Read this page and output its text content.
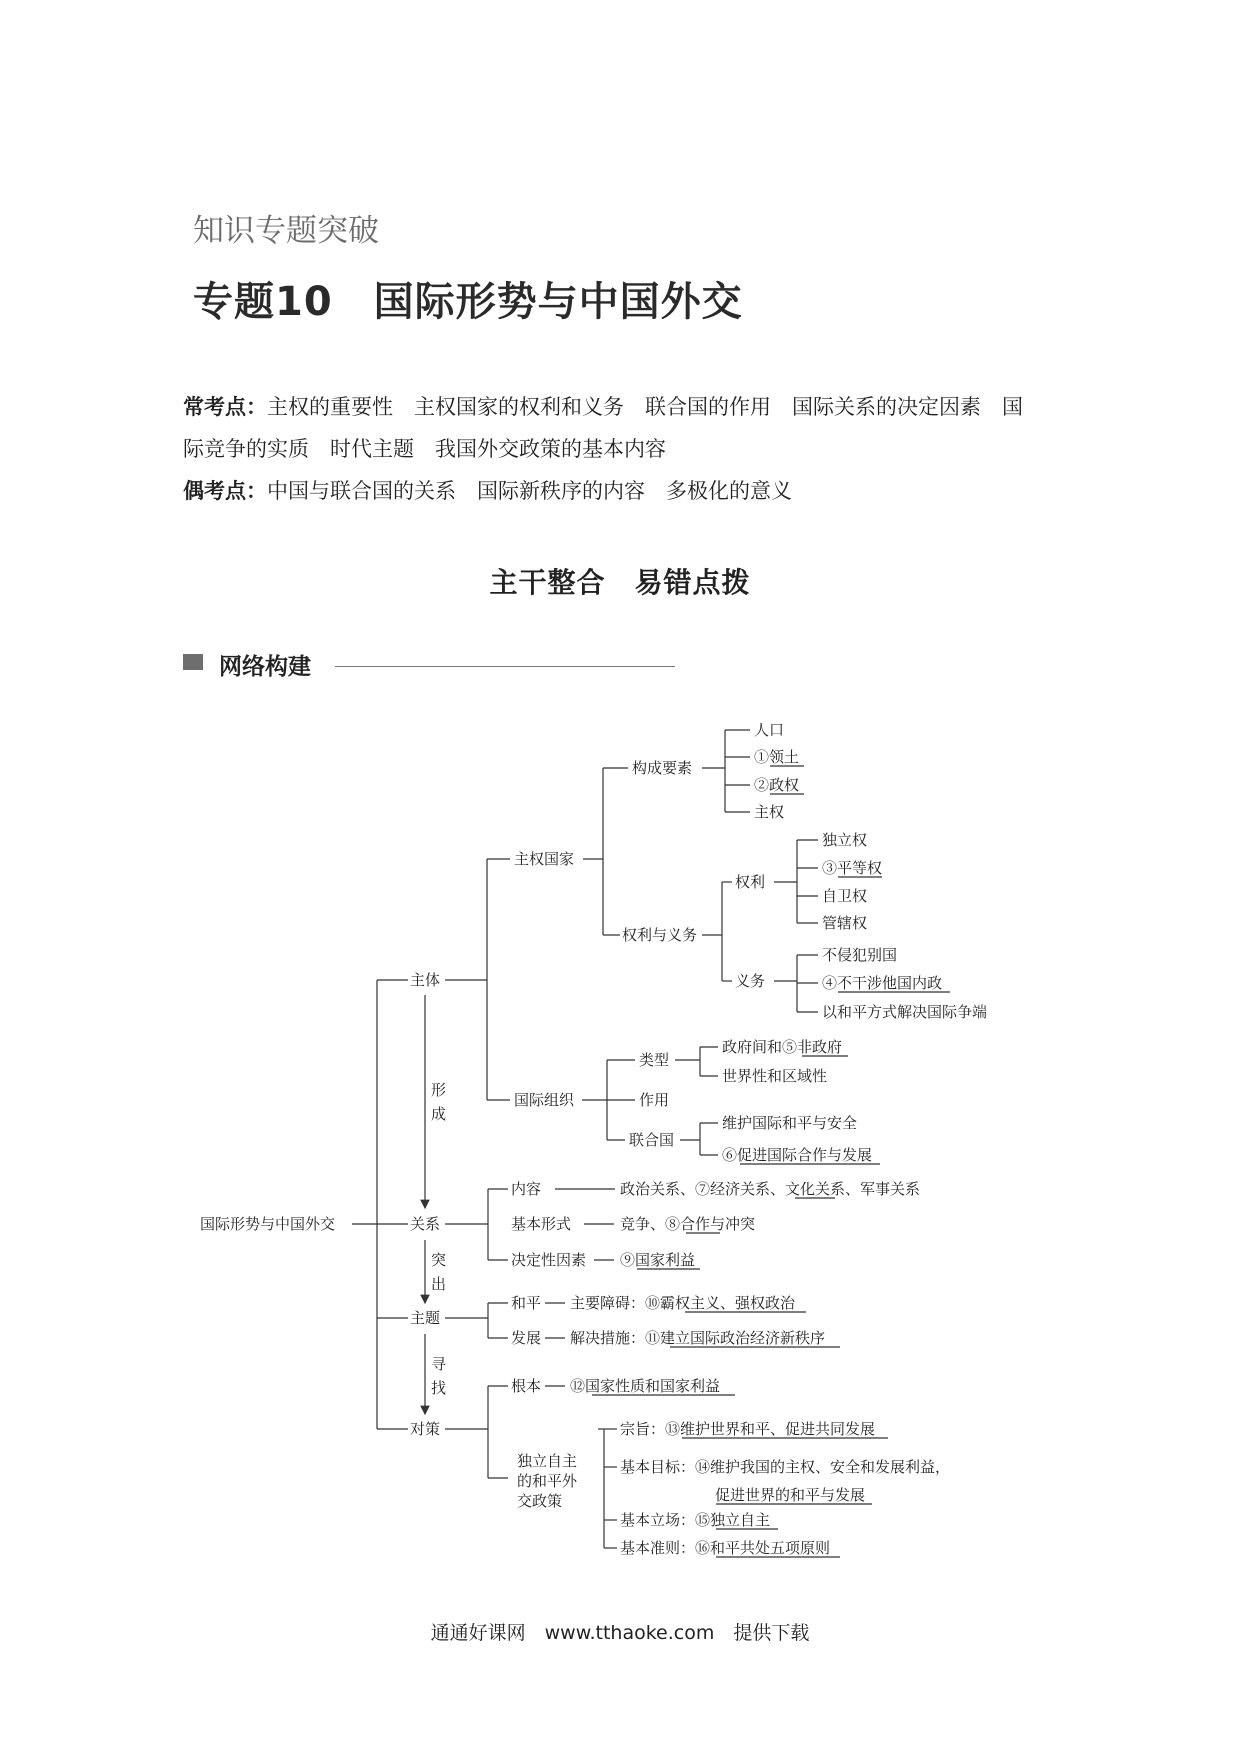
知识专题突破
专题10　国际形势与中国外交
常考点：主权的重要性　主权国家的权利和义务　联合国的作用　国际关系的决定因素　国
际竞争的实质　时代主题　我国外交政策的基本内容
偶考点：中国与联合国的关系　国际新秩序的内容　多极化的意义
主干整合　易错点拨
网络构建
国际形势与中国外交
主体
关系
主题
对策
形
成
突
出
寻
找
主权国家
国际组织
构成要素
权利与义务
人口
①领土
②政权
主权
权利
义务
独立权
③平等权
自卫权
管辖权
不侵犯别国
④不干涉他国内政
以和平方式解决国际争端
类型
作用
联合国
政府间和⑤非政府
世界性和区域性
维护国际和平与安全
⑥促进国际合作与发展
内容
基本形式
决定性因素
政治关系、⑦经济关系、文化关系、军事关系
竞争、⑧合作与冲突
⑨国家利益
和平
发展
主要障碍：⑩霸权主义、强权政治
解决措施：⑪建立国际政治经济新秩序
根本 ⑫国家性质和国家利益
独立自主
的和平外
交政策
宗旨：⑬维护世界和平、促进共同发展
基本目标：⑭维护我国的主权、安全和发展利益，
促进世界的和平与发展
基本立场：⑮独立自主
基本准则：⑯和平共处五项原则
通通好课网　www.tthaoke.com　提供下载
